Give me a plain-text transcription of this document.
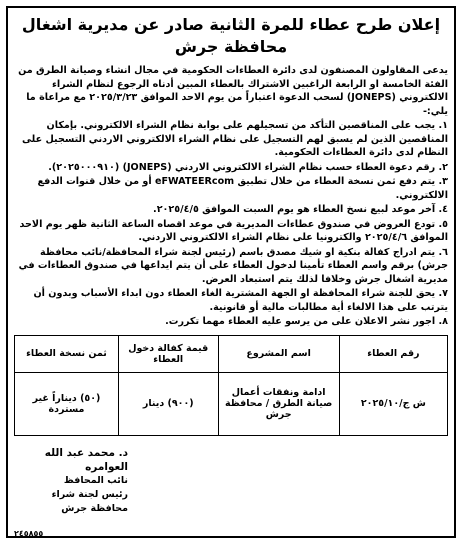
إعلان طرح عطاء للمرة الثانية صادر عن مديرية اشغال محافظة جرش
يدعى المقاولون المصنفون لدى دائرة العطاءات الحكومية في مجال انشاء وصيانة الطرق من الفئة الخامسة او الرابعة الراغبين الاشتراك بالعطاء المبين أدناه الرجوع لنظام الشراء الالكتروني (JONEPS) لسحب الدعوة اعتباراً من يوم الاحد الموافق ٢٠٢٥/٣/٢٣ مع مراعاة ما يلي:-
١. يجب على المناقصين التأكد من تسجيلهم على بوابة نظام الشراء الالكتروني. بإمكان المناقصين الذين لم يسبق لهم التسجيل على نظام الشراء الالكتروني الاردني التسجيل على النظام لدى دائرة العطاءات الحكومية.
٢. رقم دعوة العطاء حسب نظام الشراء الالكتروني الاردني (JONEPS) (٢٠٢٥٠٠٠٩١٠).
٣. يتم دفع ثمن نسخة العطاء من خلال تطبيق eFWATEERcom أو من خلال قنوات الدفع الالكتروني.
٤. آخر موعد لبيع نسخ العطاء هو يوم السبت الموافق ٢٠٢٥/٤/٥.
٥. تودع العروض في صندوق عطاءات المديرية في موعد اقصاه الساعة الثانية ظهر يوم الاحد الموافق ٢٠٢٥/٤/٦ والكترونيا على نظام الشراء الالكتروني الاردني.
٦. يتم ادراج كفالة بنكية او شيك مصدق باسم (رئيس لجنة شراء المحافظة/نائب محافظة جرش) برقم واسم العطاء تأمينا لدخول العطاء على أن يتم ايداعها في صندوق العطاءات في مديرية اشغال جرش وخلافا لذلك يتم استبعاد العرض.
٧. يحق للجنة شراء المحافظة او الجهة المشترية الغاء العطاء دون ابداء الأسباب وبدون أن يترتب على هذا الالغاء أية مطالبات مالية أو قانونية.
٨. اجور نشر الاعلان على من يرسو عليه العطاء مهما تكررت.
رقم العطاء	اسم المشروع	قيمة كفالة دخول العطاء	ثمن نسخة العطاء
ش ج/٢٠٢٥/١٠	ادامة ونفقات أعمال صيانة الطرق / محافظة جرش	(٩٠٠) دينار	(٥٠) ديناراً غير مستردة
د. محمد عبد الله العوامره
نائب المحافظ
رئيس لجنة شراء محافظة جرش
٢٤٥٨٥٥
